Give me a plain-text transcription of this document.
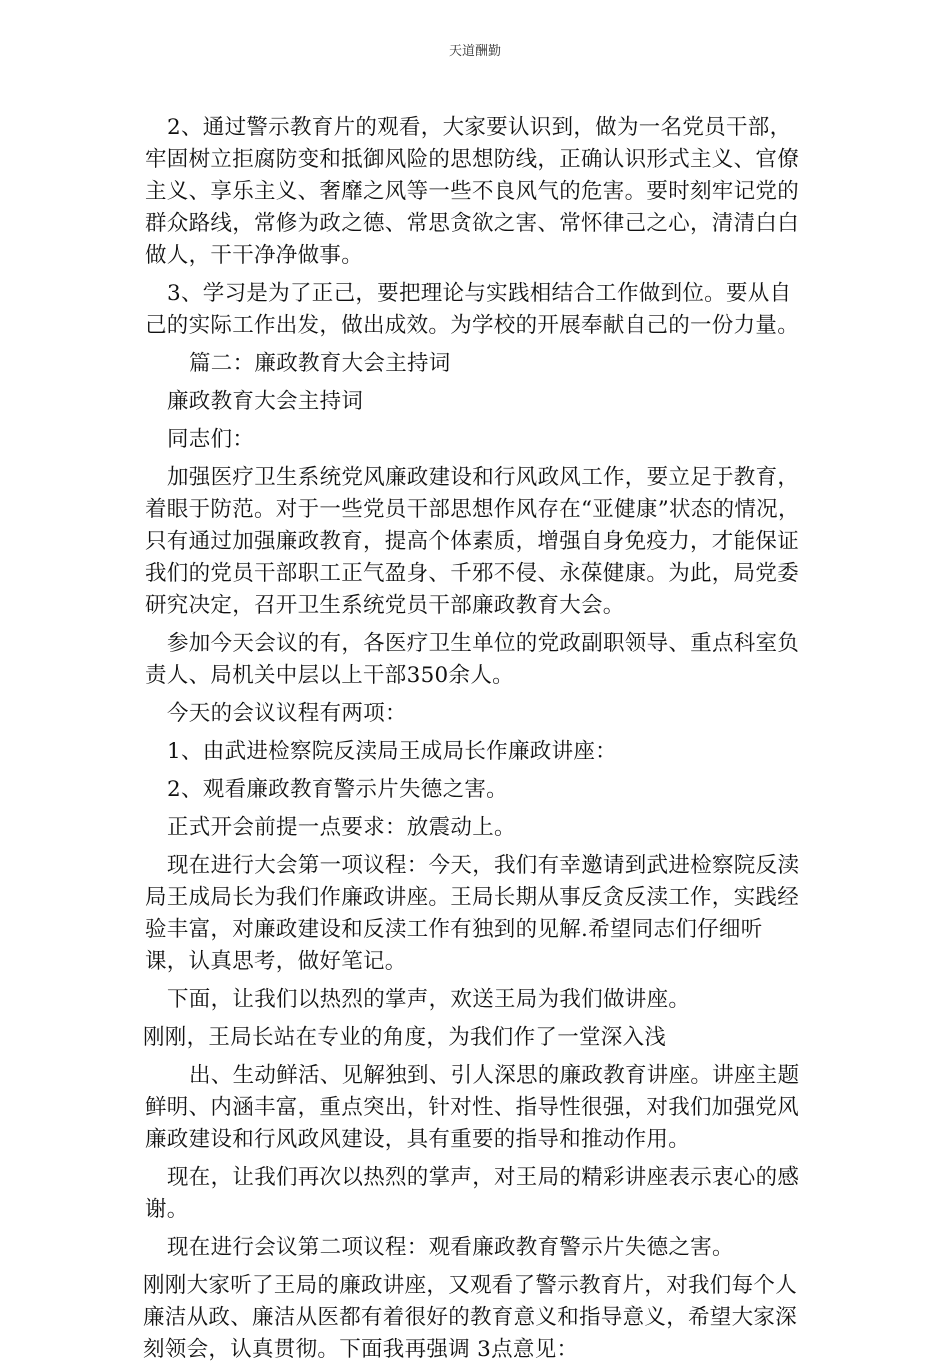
天道酬勤

2、通过警示教育片的观看，大家要认识到，做为一名党员干部，牢固树立拒腐防变和抵御风险的思想防线，正确认识形式主义、官僚主义、享乐主义、奢靡之风等一些不良风气的危害。要时刻牢记党的群众路线，常修为政之德、常思贪欲之害、常怀律己之心，清清白白做人，干干净净做事。

3、学习是为了正己，要把理论与实践相结合工作做到位。要从自己的实际工作出发，做出成效。为学校的开展奉献自己的一份力量。

篇二：廉政教育大会主持词

廉政教育大会主持词

同志们：

加强医疗卫生系统党风廉政建设和行风政风工作，要立足于教育，着眼于防范。对于一些党员干部思想作风存在“亚健康”状态的情况，只有通过加强廉政教育，提高个体素质，增强自身免疫力，才能保证我们的党员干部职工正气盈身、千邪不侵、永葆健康。为此，局党委研究决定，召开卫生系统党员干部廉政教育大会。

参加今天会议的有，各医疗卫生单位的党政副职领导、重点科室负责人、局机关中层以上干部350余人。

今天的会议议程有两项：

1、由武进检察院反渎局王成局长作廉政讲座：

2、观看廉政教育警示片失德之害。

正式开会前提一点要求：放震动上。

现在进行大会第一项议程：今天，我们有幸邀请到武进检察院反渎局王成局长为我们作廉政讲座。王局长期从事反贪反渎工作，实践经验丰富，对廉政建设和反渎工作有独到的见解.希望同志们仔细听课，认真思考，做好笔记。

下面，让我们以热烈的掌声，欢送王局为我们做讲座。

刚刚，王局长站在专业的角度，为我们作了一堂深入浅

出、生动鲜活、见解独到、引人深思的廉政教育讲座。讲座主题鲜明、内涵丰富，重点突出，针对性、指导性很强，对我们加强党风廉政建设和行风政风建设，具有重要的指导和推动作用。

现在，让我们再次以热烈的掌声，对王局的精彩讲座表示衷心的感谢。

现在进行会议第二项议程：观看廉政教育警示片失德之害。

刚刚大家听了王局的廉政讲座，又观看了警示教育片，对我们每个人廉洁从政、廉洁从医都有着很好的教育意义和指导意义，希望大家深刻领会，认真贯彻。下面我再强调 3点意见：
